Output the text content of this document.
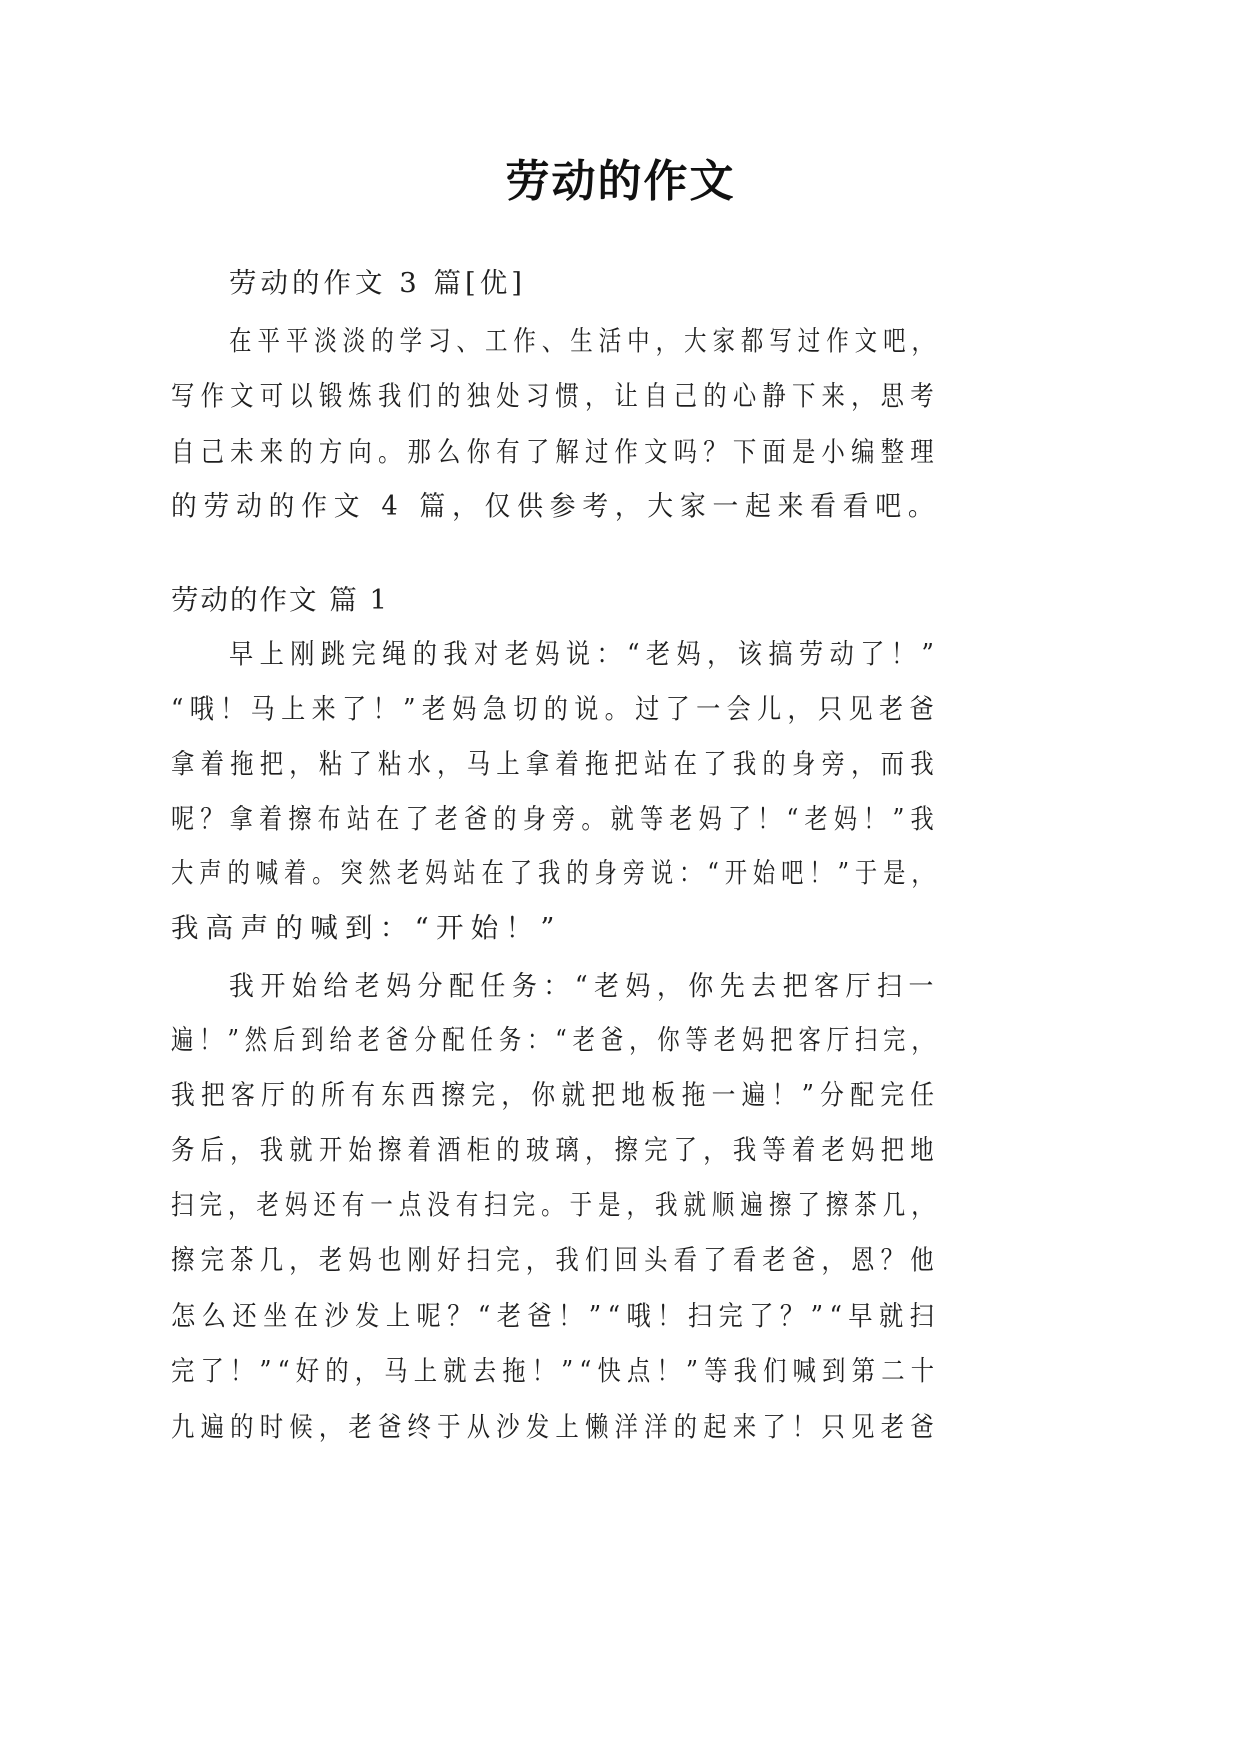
劳动的作文
劳动的作文 3 篇[优]
在平平淡淡的学习、工作、生活中，大家都写过作文吧，
写作文可以锻炼我们的独处习惯，让自己的心静下来，思考
自己未来的方向。那么你有了解过作文吗？下面是小编整理
的劳动的作文 4 篇，仅供参考，大家一起来看看吧。
劳动的作文 篇 1
早上刚跳完绳的我对老妈说：“老妈，该搞劳动了！”
“哦！马上来了！”老妈急切的说。过了一会儿，只见老爸
拿着拖把，粘了粘水，马上拿着拖把站在了我的身旁，而我
呢？拿着擦布站在了老爸的身旁。就等老妈了！“老妈！”我
大声的喊着。突然老妈站在了我的身旁说：“开始吧！”于是，
我高声的喊到：“开始！”
我开始给老妈分配任务：“老妈，你先去把客厅扫一
遍！”然后到给老爸分配任务：“老爸，你等老妈把客厅扫完，
我把客厅的所有东西擦完，你就把地板拖一遍！”分配完任
务后，我就开始擦着酒柜的玻璃，擦完了，我等着老妈把地
扫完，老妈还有一点没有扫完。于是，我就顺遍擦了擦茶几，
擦完茶几，老妈也刚好扫完，我们回头看了看老爸，恩？他
怎么还坐在沙发上呢？“老爸！”“哦！扫完了？”“早就扫
完了！”“好的，马上就去拖！”“快点！”等我们喊到第二十
九遍的时候，老爸终于从沙发上懒洋洋的起来了！只见老爸
